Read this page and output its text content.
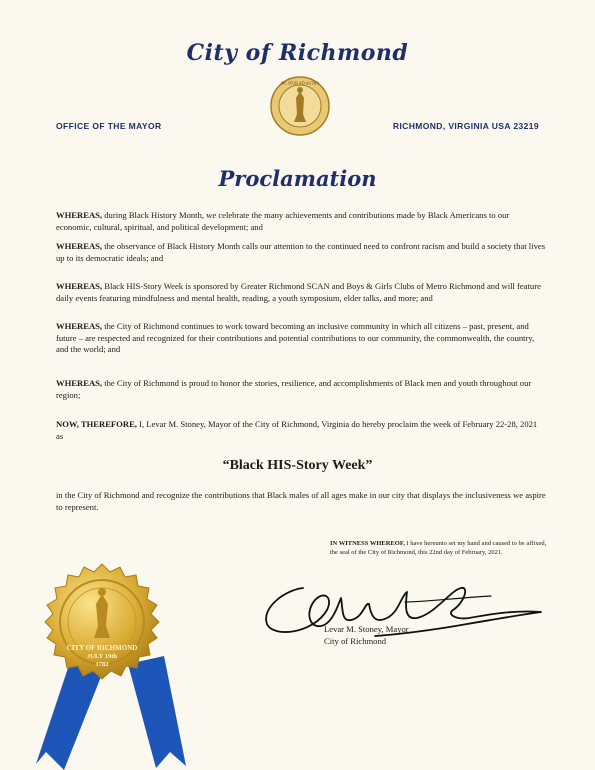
City of Richmond
SIC ITUR AD ASTRA
OFFICE OF THE MAYOR	RICHMOND, VIRGINIA USA 23219
Proclamation
WHEREAS, during Black History Month, we celebrate the many achievements and contributions made by Black Americans to our economic, cultural, spiritual, and political development; and
WHEREAS, the observance of Black History Month calls our attention to the continued need to confront racism and build a society that lives up to its democratic ideals; and
WHEREAS, Black HIS-Story Week is sponsored by Greater Richmond SCAN and Boys & Girls Clubs of Metro Richmond and will feature daily events featuring mindfulness and mental health, reading, a youth symposium, elder talks, and more; and
WHEREAS, the City of Richmond continues to work toward becoming an inclusive community in which all citizens – past, present, and future – are respected and recognized for their contributions and potential contributions to our community, the commonwealth, the country, and the world; and
WHEREAS, the City of Richmond is proud to honor the stories, resilience, and accomplishments of Black men and youth throughout our region;
NOW, THEREFORE, I, Levar M. Stoney, Mayor of the City of Richmond, Virginia do hereby proclaim the week of February 22-28, 2021 as
“Black HIS-Story Week”
in the City of Richmond and recognize the contributions that Black males of all ages make in our city that displays the inclusiveness we aspire to represent.
IN WITNESS WHEREOF, I have hereunto set my hand and caused to be affixed, the seal of the City of Richmond, this 22nd day of February, 2021.
Levar M. Stoney, Mayor
City of Richmond
CITY OF RICHMOND
JULY 19th
1782
